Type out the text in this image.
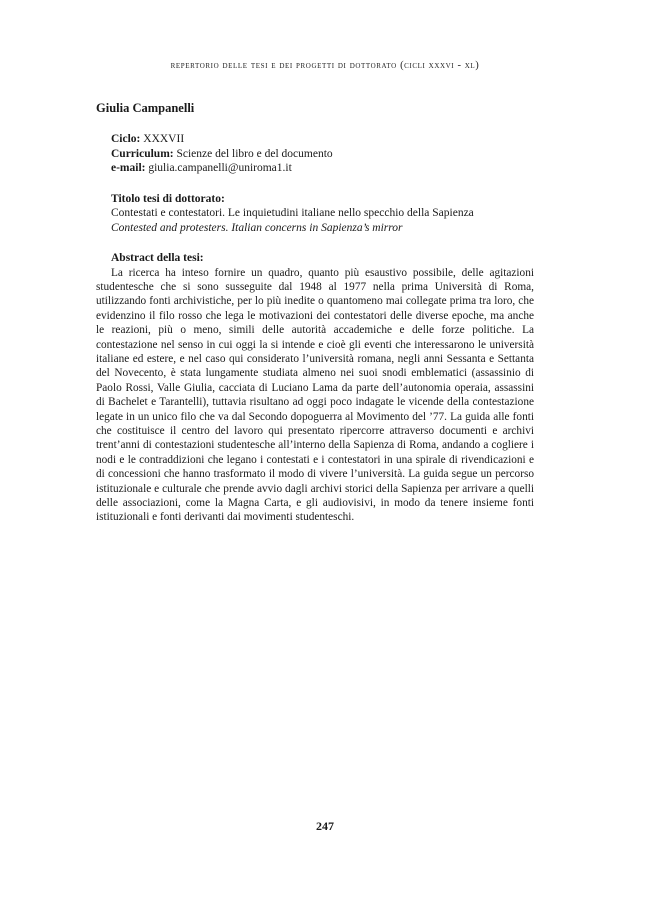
repertorio delle tesi e dei progetti di dottorato (cicli xxxvi - xl)
Giulia Campanelli
Ciclo: XXXVII
Curriculum: Scienze del libro e del documento
e-mail: giulia.campanelli@uniroma1.it
Titolo tesi di dottorato:
Contestati e contestatori. Le inquietudini italiane nello specchio della Sapienza
Contested and protesters. Italian concerns in Sapienza’s mirror
Abstract della tesi:
La ricerca ha inteso fornire un quadro, quanto più esaustivo possibile, delle agitazioni studentesche che si sono susseguite dal 1948 al 1977 nella prima Università di Roma, utilizzando fonti archivistiche, per lo più inedite o quantomeno mai collegate prima tra loro, che evidenzino il filo rosso che lega le motivazioni dei contestatori delle diverse epoche, ma anche le reazioni, più o meno, simili delle autorità accademiche e delle forze politiche. La contestazione nel senso in cui oggi la si intende e cioè gli eventi che interessarono le università italiane ed estere, e nel caso qui considerato l’università romana, negli anni Sessanta e Settanta del Novecento, è stata lungamente studiata almeno nei suoi snodi emblematici (assassinio di Paolo Rossi, Valle Giulia, cacciata di Luciano Lama da parte dell’autonomia operaia, assassini di Bachelet e Tarantelli), tuttavia risultano ad oggi poco indagate le vicende della contestazione legate in un unico filo che va dal Secondo dopoguerra al Movimento del ’77. La guida alle fonti che costituisce il centro del lavoro qui presentato ripercorre attraverso documenti e archivi trent’anni di contestazioni studentesche all’interno della Sapienza di Roma, andando a cogliere i nodi e le contraddizioni che legano i contestati e i contestatori in una spirale di rivendicazioni e di concessioni che hanno trasformato il modo di vivere l’università. La guida segue un percorso istituzionale e culturale che prende avvio dagli archivi storici della Sapienza per arrivare a quelli delle associazioni, come la Magna Carta, e gli audiovisivi, in modo da tenere insieme fonti istituzionali e fonti derivanti dai movimenti studenteschi.
247
